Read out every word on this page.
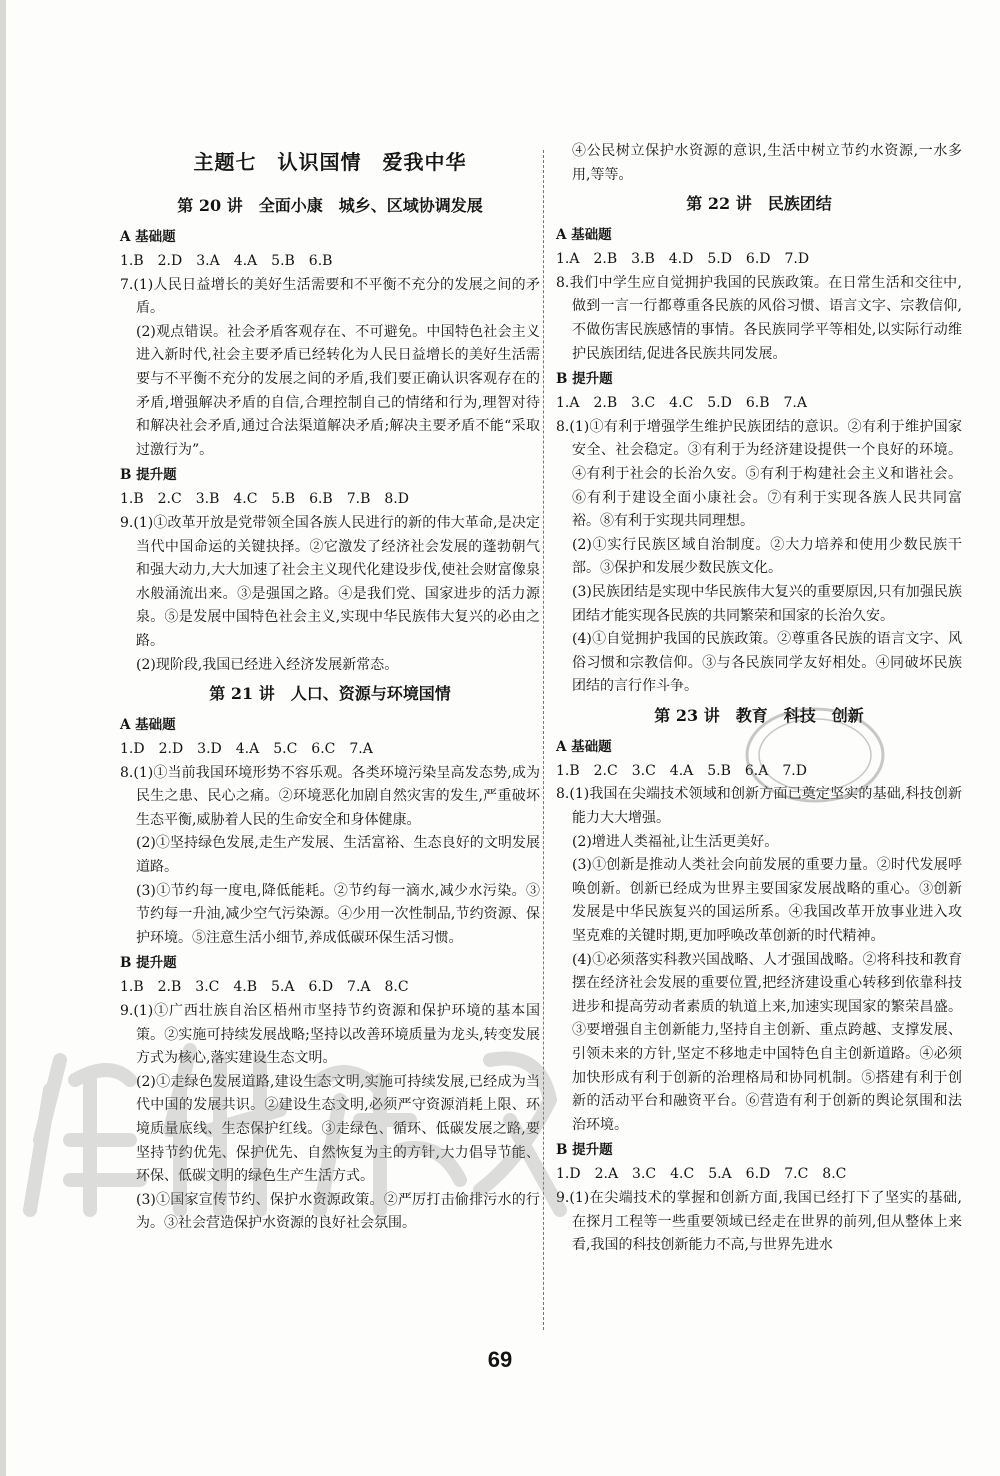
主题七　认识国情　爱我中华
第 20 讲　全面小康　城乡、区域协调发展
A 基础题

1.B　2.D　3.A　4.A　5.B　6.B

7.(1)人民日益增长的美好生活需要和不平衡不充分的发展之间的矛盾。

(2)观点错误。社会矛盾客观存在、不可避免。中国特色社会主义进入新时代,社会主要矛盾已经转化为人民日益增长的美好生活需要与不平衡不充分的发展之间的矛盾,我们要正确认识客观存在的矛盾,增强解决矛盾的自信,合理控制自己的情绪和行为,理智对待和解决社会矛盾,通过合法渠道解决矛盾;解决主要矛盾不能“采取过激行为”。

B 提升题

1.B　2.C　3.B　4.C　5.B　6.B　7.B　8.D

9.(1)①改革开放是党带领全国各族人民进行的新的伟大革命,是决定当代中国命运的关键抉择。②它激发了经济社会发展的蓬勃朝气和强大动力,大大加速了社会主义现代化建设步伐,使社会财富像泉水般涌流出来。③是强国之路。④是我们党、国家进步的活力源泉。⑤是发展中国特色社会主义,实现中华民族伟大复兴的必由之路。

(2)现阶段,我国已经进入经济发展新常态。

第 21 讲　人口、资源与环境国情
A 基础题

1.D　2.D　3.D　4.A　5.C　6.C　7.A

8.(1)①当前我国环境形势不容乐观。各类环境污染呈高发态势,成为民生之患、民心之痛。②环境恶化加剧自然灾害的发生,严重破坏生态平衡,威胁着人民的生命安全和身体健康。

(2)①坚持绿色发展,走生产发展、生活富裕、生态良好的文明发展道路。

(3)①节约每一度电,降低能耗。②节约每一滴水,减少水污染。③节约每一升油,减少空气污染源。④少用一次性制品,节约资源、保护环境。⑤注意生活小细节,养成低碳环保生活习惯。

B 提升题

1.B　2.B　3.C　4.B　5.A　6.D　7.A　8.C

9.(1)①广西壮族自治区梧州市坚持节约资源和保护环境的基本国策。②实施可持续发展战略;坚持以改善环境质量为龙头,转变发展方式为核心,落实建设生态文明。

(2)①走绿色发展道路,建设生态文明,实施可持续发展,已经成为当代中国的发展共识。②建设生态文明,必须严守资源消耗上限、环境质量底线、生态保护红线。③走绿色、循环、低碳发展之路,要坚持节约优先、保护优先、自然恢复为主的方针,大力倡导节能、环保、低碳文明的绿色生产生活方式。

(3)①国家宣传节约、保护水资源政策。②严厉打击偷排污水的行为。③社会营造保护水资源的良好社会氛围。

④公民树立保护水资源的意识,生活中树立节约水资源,一水多用,等等。

第 22 讲　民族团结
A 基础题

1.A　2.B　3.B　4.D　5.D　6.D　7.D

8.我们中学生应自觉拥护我国的民族政策。在日常生活和交往中,做到一言一行都尊重各民族的风俗习惯、语言文字、宗教信仰,不做伤害民族感情的事情。各民族同学平等相处,以实际行动维护民族团结,促进各民族共同发展。

B 提升题

1.A　2.B　3.C　4.C　5.D　6.B　7.A

8.(1)①有利于增强学生维护民族团结的意识。②有利于维护国家安全、社会稳定。③有利于为经济建设提供一个良好的环境。④有利于社会的长治久安。⑤有利于构建社会主义和谐社会。⑥有利于建设全面小康社会。⑦有利于实现各族人民共同富裕。⑧有利于实现共同理想。

(2)①实行民族区域自治制度。②大力培养和使用少数民族干部。③保护和发展少数民族文化。

(3)民族团结是实现中华民族伟大复兴的重要原因,只有加强民族团结才能实现各民族的共同繁荣和国家的长治久安。

(4)①自觉拥护我国的民族政策。②尊重各民族的语言文字、风俗习惯和宗教信仰。③与各民族同学友好相处。④同破坏民族团结的言行作斗争。

第 23 讲　教育　科技　创新
A 基础题

1.B　2.C　3.C　4.A　5.B　6.A　7.D

8.(1)我国在尖端技术领域和创新方面已奠定坚实的基础,科技创新能力大大增强。

(2)增进人类福祉,让生活更美好。

(3)①创新是推动人类社会向前发展的重要力量。②时代发展呼唤创新。创新已经成为世界主要国家发展战略的重心。③创新发展是中华民族复兴的国运所系。④我国改革开放事业进入攻坚克难的关键时期,更加呼唤改革创新的时代精神。

(4)①必须落实科教兴国战略、人才强国战略。②将科技和教育摆在经济社会发展的重要位置,把经济建设重心转移到依靠科技进步和提高劳动者素质的轨道上来,加速实现国家的繁荣昌盛。③要增强自主创新能力,坚持自主创新、重点跨越、支撑发展、引领未来的方针,坚定不移地走中国特色自主创新道路。④必须加快形成有利于创新的治理格局和协同机制。⑤搭建有利于创新的活动平台和融资平台。⑥营造有利于创新的舆论氛围和法治环境。

B 提升题

1.D　2.A　3.C　4.C　5.A　6.D　7.C　8.C

9.(1)在尖端技术的掌握和创新方面,我国已经打下了坚实的基础,在探月工程等一些重要领域已经走在世界的前列,但从整体上来看,我国的科技创新能力不高,与世界先进水

69
